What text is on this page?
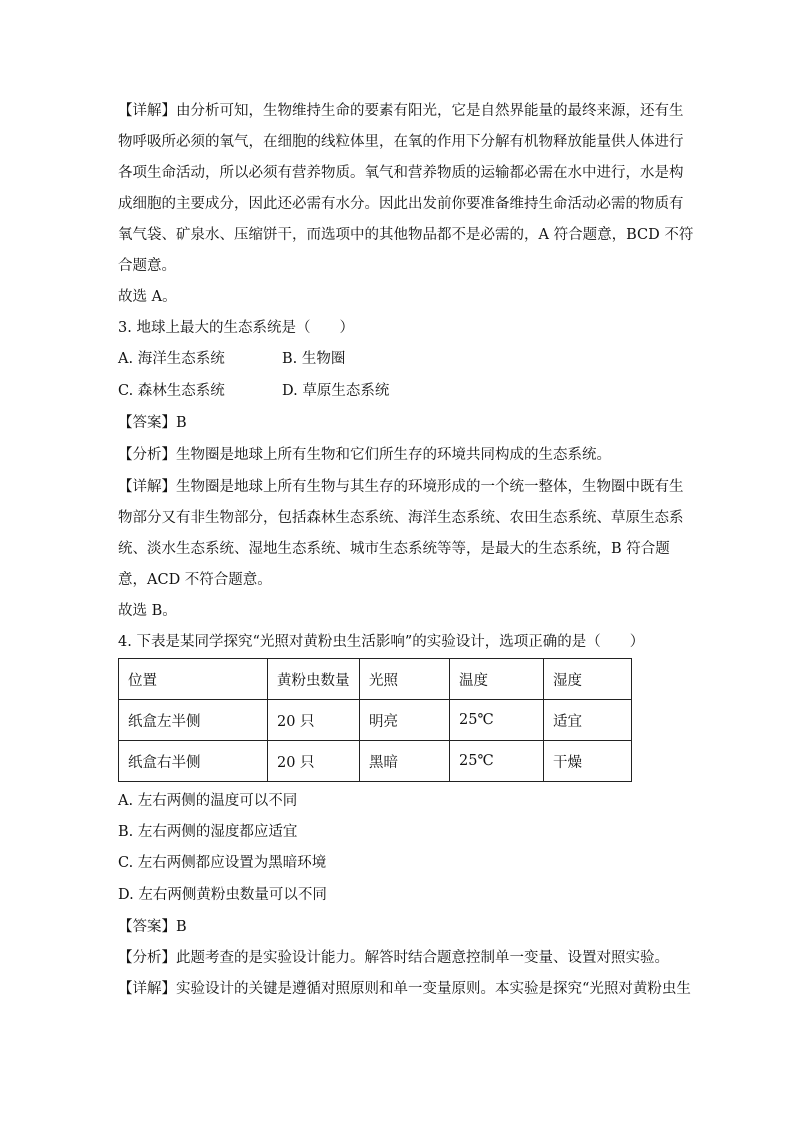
【详解】由分析可知，生物维持生命的要素有阳光，它是自然界能量的最终来源，还有生
物呼吸所必须的氧气，在细胞的线粒体里，在氧的作用下分解有机物释放能量供人体进行
各项生命活动，所以必须有营养物质。氧气和营养物质的运输都必需在水中进行，水是构
成细胞的主要成分，因此还必需有水分。因此出发前你要准备维持生命活动必需的物质有
氧气袋、矿泉水、压缩饼干，而选项中的其他物品都不是必需的，A 符合题意，BCD 不符
合题意。
故选 A。
3. 地球上最大的生态系统是（　　）
A. 海洋生态系统	B. 生物圈
C. 森林生态系统	D. 草原生态系统
【答案】B
【分析】生物圈是地球上所有生物和它们所生存的环境共同构成的生态系统。
【详解】生物圈是地球上所有生物与其生存的环境形成的一个统一整体，生物圈中既有生
物部分又有非生物部分，包括森林生态系统、海洋生态系统、农田生态系统、草原生态系
统、淡水生态系统、湿地生态系统、城市生态系统等等，是最大的生态系统，B 符合题
意，ACD 不符合题意。
故选 B。
4. 下表是某同学探究“光照对黄粉虫生活影响”的实验设计，选项正确的是（　　）
位置	黄粉虫数量	光照	温度	湿度
纸盒左半侧	20 只	明亮	25℃	适宜
纸盒右半侧	20 只	黑暗	25℃	干燥
A. 左右两侧的温度可以不同
B. 左右两侧的湿度都应适宜
C. 左右两侧都应设置为黑暗环境
D. 左右两侧黄粉虫数量可以不同
【答案】B
【分析】此题考查的是实验设计能力。解答时结合题意控制单一变量、设置对照实验。
【详解】实验设计的关键是遵循对照原则和单一变量原则。本实验是探究“光照对黄粉虫生
